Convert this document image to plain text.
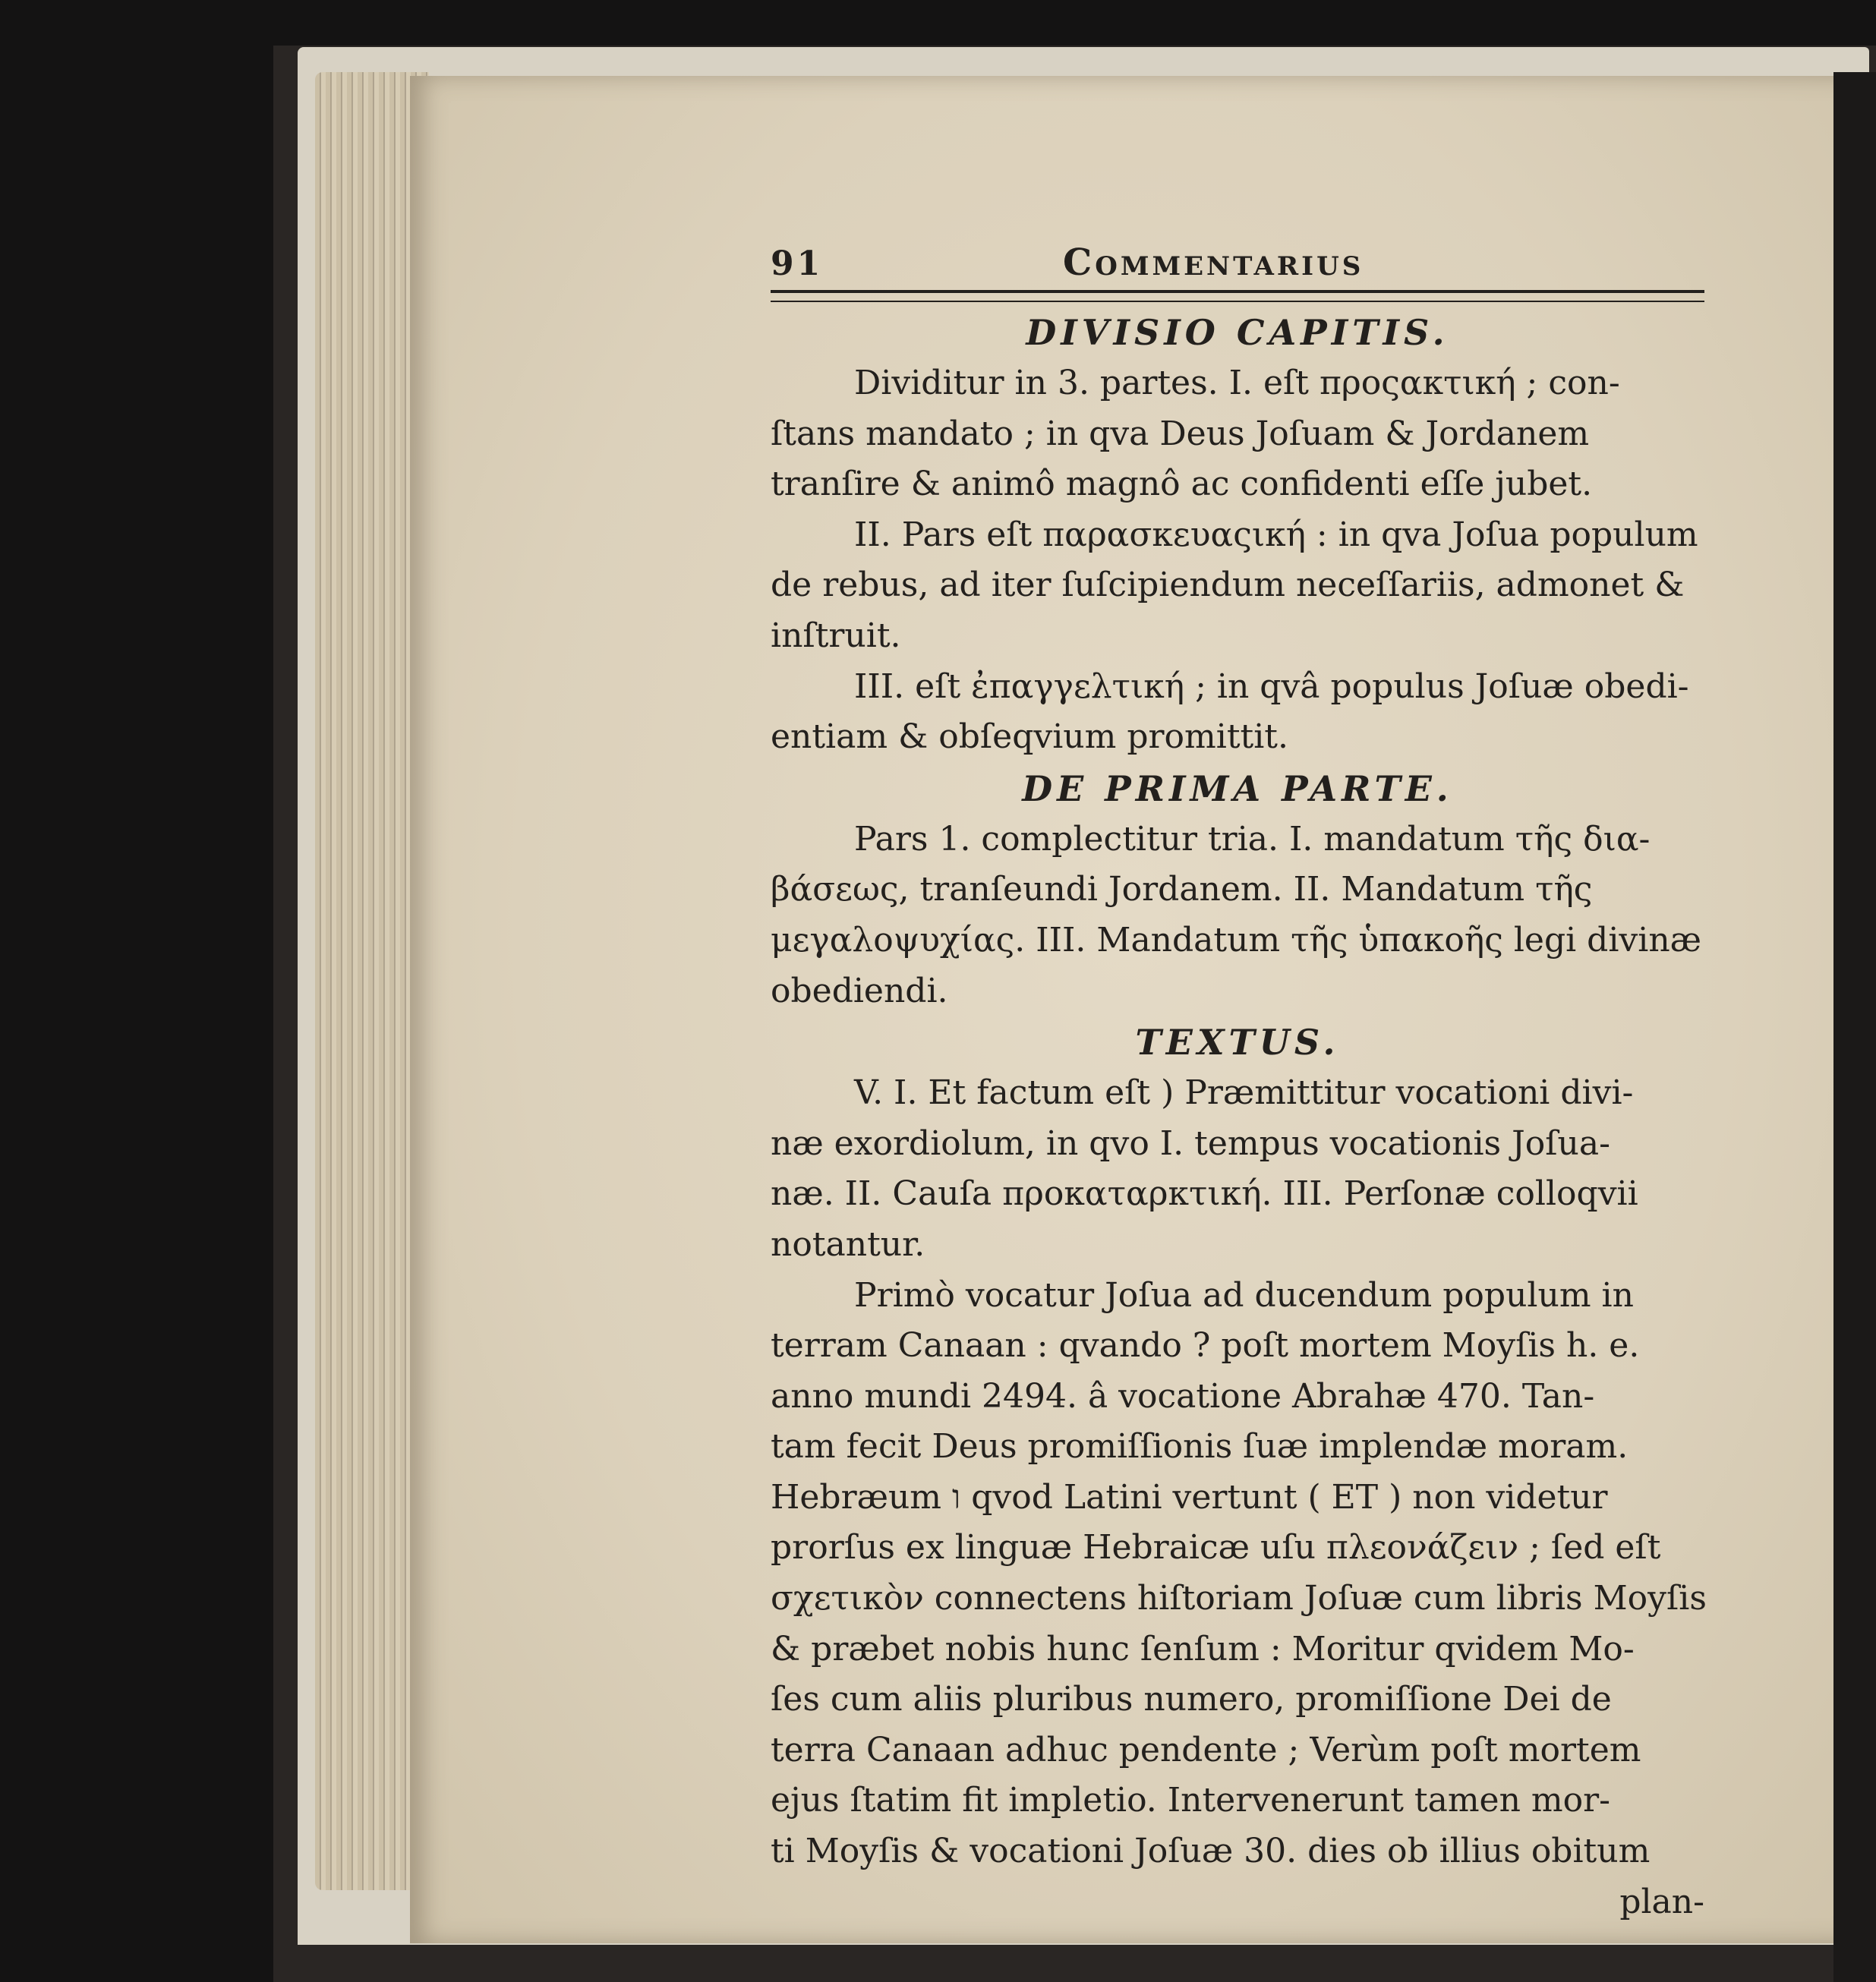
91	Commentarius
DIVISIO CAPITIS.

Dividitur in 3. partes. I. eſt προςακτική ; con-
ſtans mandato ; in qva Deus Joſuam & Jordanem
tranſire & animô magnô ac confidenti eſſe jubet.

II. Pars eſt παρασκευαςική : in qva Joſua populum
de rebus, ad iter ſuſcipiendum neceſſariis, admonet &
inſtruit.

III. eſt ἐπαγγελτική ; in qvâ populus Joſuæ obedi-
entiam & obſeqvium promittit.

DE PRIMA PARTE.

Pars 1. complectitur tria. I. mandatum τῆς δια-
βάσεως, tranſeundi Jordanem. II. Mandatum τῆς
μεγαλοψυχίας. III. Mandatum τῆς ὑπακοῆς legi divinæ
obediendi.

TEXTUS.

V. I. Et factum eſt ) Præmittitur vocationi divi-
næ exordiolum, in qvo I. tempus vocationis Joſua-
næ. II. Cauſa προκαταρκτική. III. Perſonæ colloqvii
notantur.

Primò vocatur Joſua ad ducendum populum in
terram Canaan : qvando ? poſt mortem Moyſis h. e.
anno mundi 2494. â vocatione Abrahæ 470. Tan-
tam fecit Deus promiſſionis ſuæ implendæ moram.
Hebræum ו qvod Latini vertunt ( ET ) non videtur
prorſus ex linguæ Hebraicæ uſu πλεονάζειν ; ſed eſt
σχετικὸν connectens hiſtoriam Joſuæ cum libris Moyſis
& præbet nobis hunc ſenſum : Moritur qvidem Mo-
ſes cum aliis pluribus numero, promiſſione Dei de
terra Canaan adhuc pendente ; Verùm poſt mortem
ejus ſtatim fit impletio. Intervenerunt tamen mor-
ti Moyſis & vocationi Joſuæ 30. dies ob illius obitum

plan-
